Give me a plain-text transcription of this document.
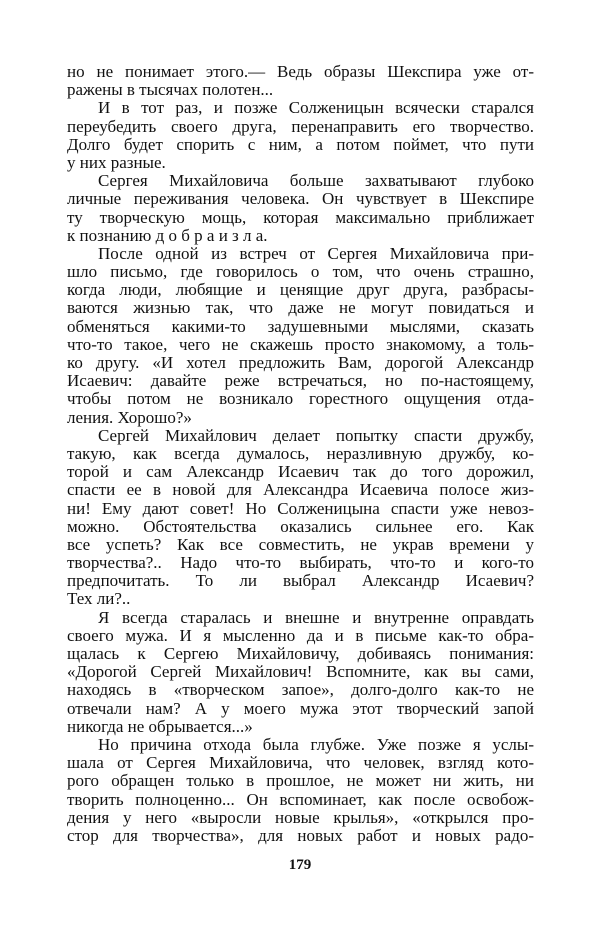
но не понимает этого.— Ведь образы Шекспира уже от-
ражены в тысячах полотен...
И в тот раз, и позже Солженицын всячески старался
переубедить своего друга, перенаправить его творчество.
Долго будет спорить с ним, а потом поймет, что пути
у них разные.
Сергея Михайловича больше захватывают глубоко
личные переживания человека. Он чувствует в Шекспире
ту творческую мощь, которая максимально приближает
к познанию д о б р а и з л а.
После одной из встреч от Сергея Михайловича при-
шло письмо, где говорилось о том, что очень страшно,
когда люди, любящие и ценящие друг друга, разбрасы-
ваются жизнью так, что даже не могут повидаться и
обменяться какими-то задушевными мыслями, сказать
что-то такое, чего не скажешь просто знакомому, а толь-
ко другу. «И хотел предложить Вам, дорогой Александр
Исаевич: давайте реже встречаться, но по-настоящему,
чтобы потом не возникало горестного ощущения отда-
ления. Хорошо?»
Сергей Михайлович делает попытку спасти дружбу,
такую, как всегда думалось, неразливную дружбу, ко-
торой и сам Александр Исаевич так до того дорожил,
спасти ее в новой для Александра Исаевича полосе жиз-
ни! Ему дают совет! Но Солженицына спасти уже невоз-
можно. Обстоятельства оказались сильнее его. Как
все успеть? Как все совместить, не украв времени у
творчества?.. Надо что-то выбирать, что-то и кого-то
предпочитать. То ли выбрал Александр Исаевич?
Тех ли?..
Я всегда старалась и внешне и внутренне оправдать
своего мужа. И я мысленно да и в письме как-то обра-
щалась к Сергею Михайловичу, добиваясь понимания:
«Дорогой Сергей Михайлович! Вспомните, как вы сами,
находясь в «творческом запое», долго-долго как-то не
отвечали нам? А у моего мужа этот творческий запой
никогда не обрывается...»
Но причина отхода была глубже. Уже позже я услы-
шала от Сергея Михайловича, что человек, взгляд кото-
рого обращен только в прошлое, не может ни жить, ни
творить полноценно... Он вспоминает, как после освобож-
дения у него «выросли новые крылья», «открылся про-
стор для творчества», для новых работ и новых радо-
179
